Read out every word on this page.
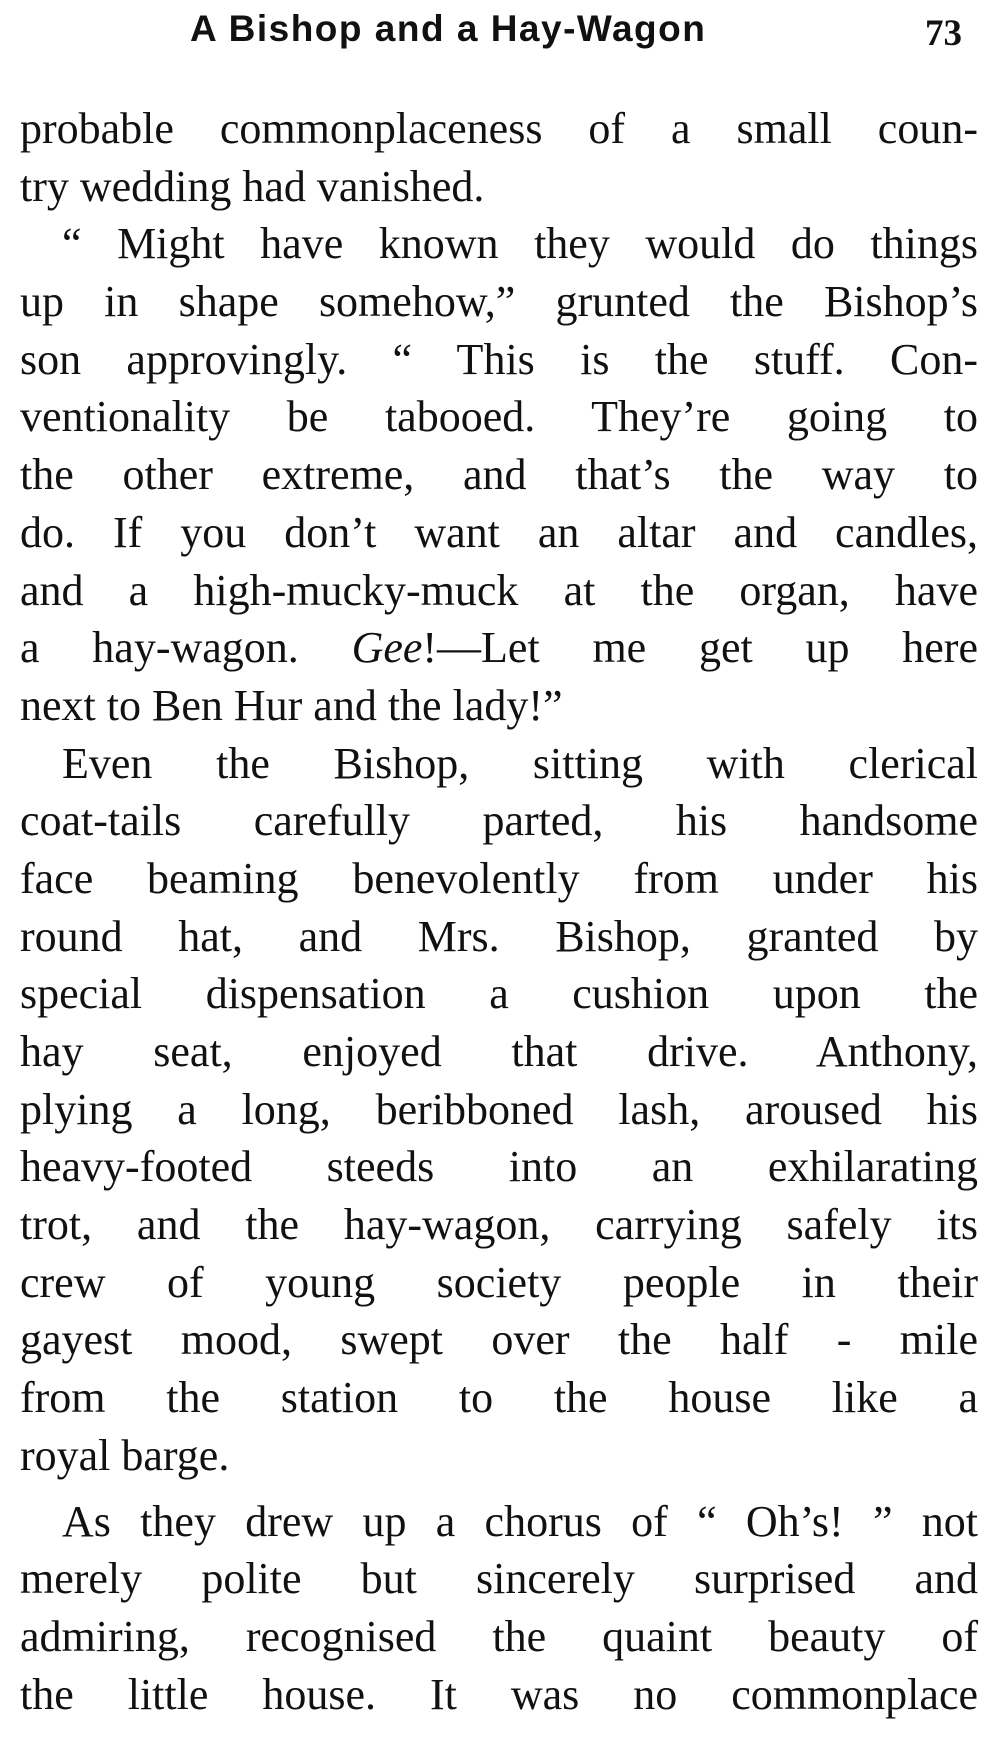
A Bishop and a Hay-Wagon	73
probable commonplaceness of a small coun-
try wedding had vanished.
“ Might have known they would do things
up in shape somehow,” grunted the Bishop’s
son approvingly. “ This is the stuff. Con-
ventionality be tabooed. They’re going to
the other extreme, and that’s the way to
do. If you don’t want an altar and candles,
and a high-mucky-muck at the organ, have
a hay-wagon. Gee!—Let me get up here
next to Ben Hur and the lady!”
Even the Bishop, sitting with clerical
coat-tails carefully parted, his handsome
face beaming benevolently from under his
round hat, and Mrs. Bishop, granted by
special dispensation a cushion upon the
hay seat, enjoyed that drive. Anthony,
plying a long, beribboned lash, aroused his
heavy-footed steeds into an exhilarating
trot, and the hay-wagon, carrying safely its
crew of young society people in their
gayest mood, swept over the half - mile
from the station to the house like a
royal barge.
As they drew up a chorus of “ Oh’s! ” not
merely polite but sincerely surprised and
admiring, recognised the quaint beauty of
the little house. It was no commonplace
